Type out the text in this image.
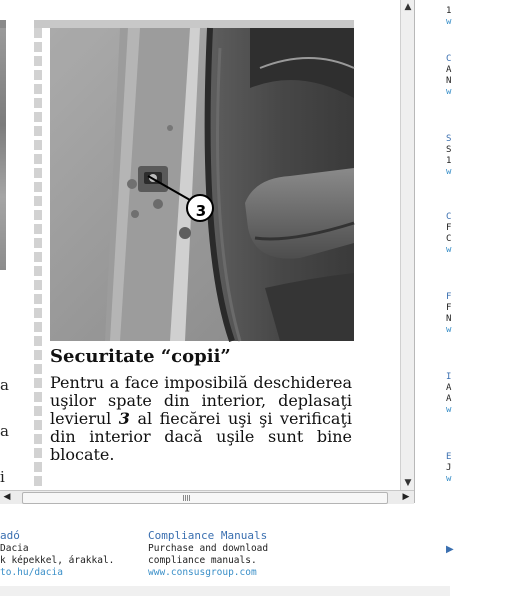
a
a
i
3
Securitate “copii”
Pentru a face imposibilă deschiderea uşilor spate din interior, deplasaţi levierul 3 al fiecărei uşi şi verificaţi din interior dacă uşile sunt bine blocate.
▲
▼
◀	▶
1
w
C
A
N
w
S
S
1
w
C
F
C
w
F
F
N
w
I
A
A
w
E
J
w
▶
adó
Dacia
k képekkel, árakkal.
to.hu/dacia
Compliance Manuals
Purchase and download
compliance manuals.
www.consusgroup.com
